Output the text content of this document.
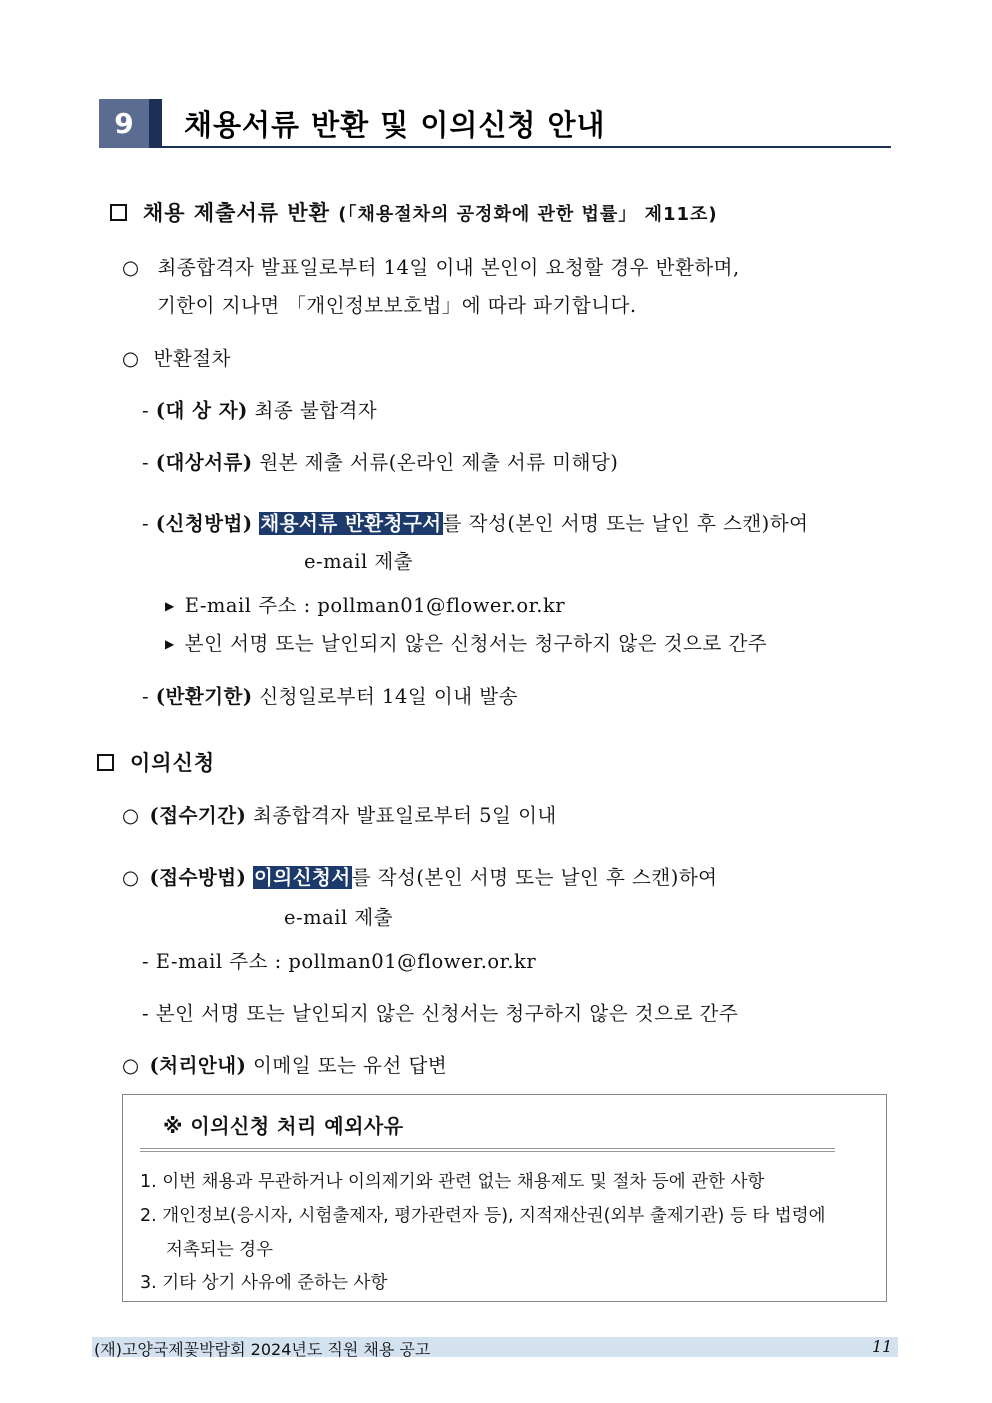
9	채용서류 반환 및 이의신청 안내
채용 제출서류 반환 (「채용절차의 공정화에 관한 법률」 제11조)
○ 최종합격자 발표일로부터 14일 이내 본인이 요청할 경우 반환하며,
기한이 지나면 「개인정보보호법」에 따라 파기합니다.
○ 반환절차
- (대 상 자) 최종 불합격자
- (대상서류) 원본 제출 서류(온라인 제출 서류 미해당)
- (신청방법) 채용서류 반환청구서를 작성(본인 서명 또는 날인 후 스캔)하여
e-mail 제출
▶ E-mail 주소 : pollman01@flower.or.kr
▶ 본인 서명 또는 날인되지 않은 신청서는 청구하지 않은 것으로 간주
- (반환기한) 신청일로부터 14일 이내 발송
이의신청
○ (접수기간) 최종합격자 발표일로부터 5일 이내
○ (접수방법) 이의신청서를 작성(본인 서명 또는 날인 후 스캔)하여
e-mail 제출
- E-mail 주소 : pollman01@flower.or.kr
- 본인 서명 또는 날인되지 않은 신청서는 청구하지 않은 것으로 간주
○ (처리안내) 이메일 또는 유선 답변
※ 이의신청 처리 예외사유
1. 이번 채용과 무관하거나 이의제기와 관련 없는 채용제도 및 절차 등에 관한 사항
2. 개인정보(응시자, 시험출제자, 평가관련자 등), 지적재산권(외부 출제기관) 등 타 법령에
저촉되는 경우
3. 기타 상기 사유에 준하는 사항
(재)고양국제꽃박람회 2024년도 직원 채용 공고	11
